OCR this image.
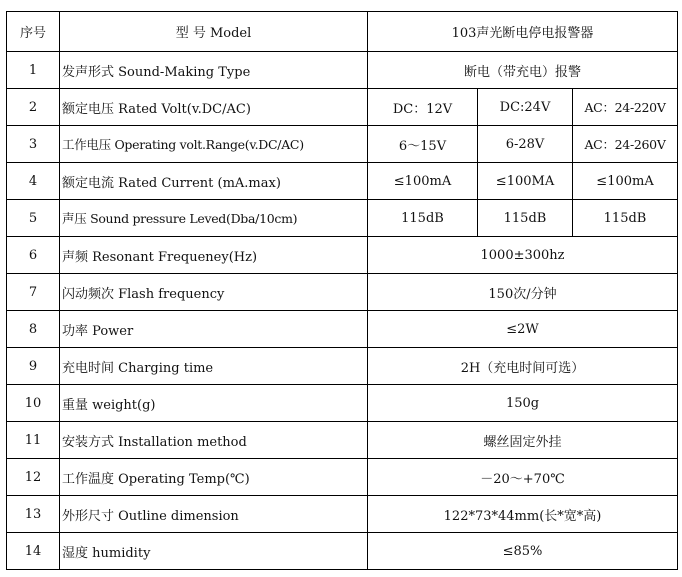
序号	型 号 Model	103声光断电停电报警器		
1	发声形式 Sound-Making Type	断电（带充电）报警		
2	额定电压 Rated Volt(v.DC/AC)	DC：12V	DC:24V	AC：24-220V
3	工作电压 Operating volt.Range(v.DC/AC)	6～15V	6-28V	AC：24-260V
4	额定电流 Rated Current (mA.max)	≤100mA	≤100MA	≤100mA
5	声压 Sound pressure Leved(Dba/10cm)	115dB	115dB	115dB
6	声频 Resonant Frequeney(Hz)	1000±300hz		
7	闪动频次 Flash frequency	150次/分钟		
8	功率 Power	≤2W		
9	充电时间 Charging time	2H（充电时间可选）		
10	重量 weight(g)	150g		
11	安装方式 Installation method	螺丝固定外挂		
12	工作温度 Operating Temp(℃)	－20～+70℃		
13	外形尺寸 Outline dimension	122*73*44mm(长*宽*高)		
14	湿度 humidity	≤85%		
